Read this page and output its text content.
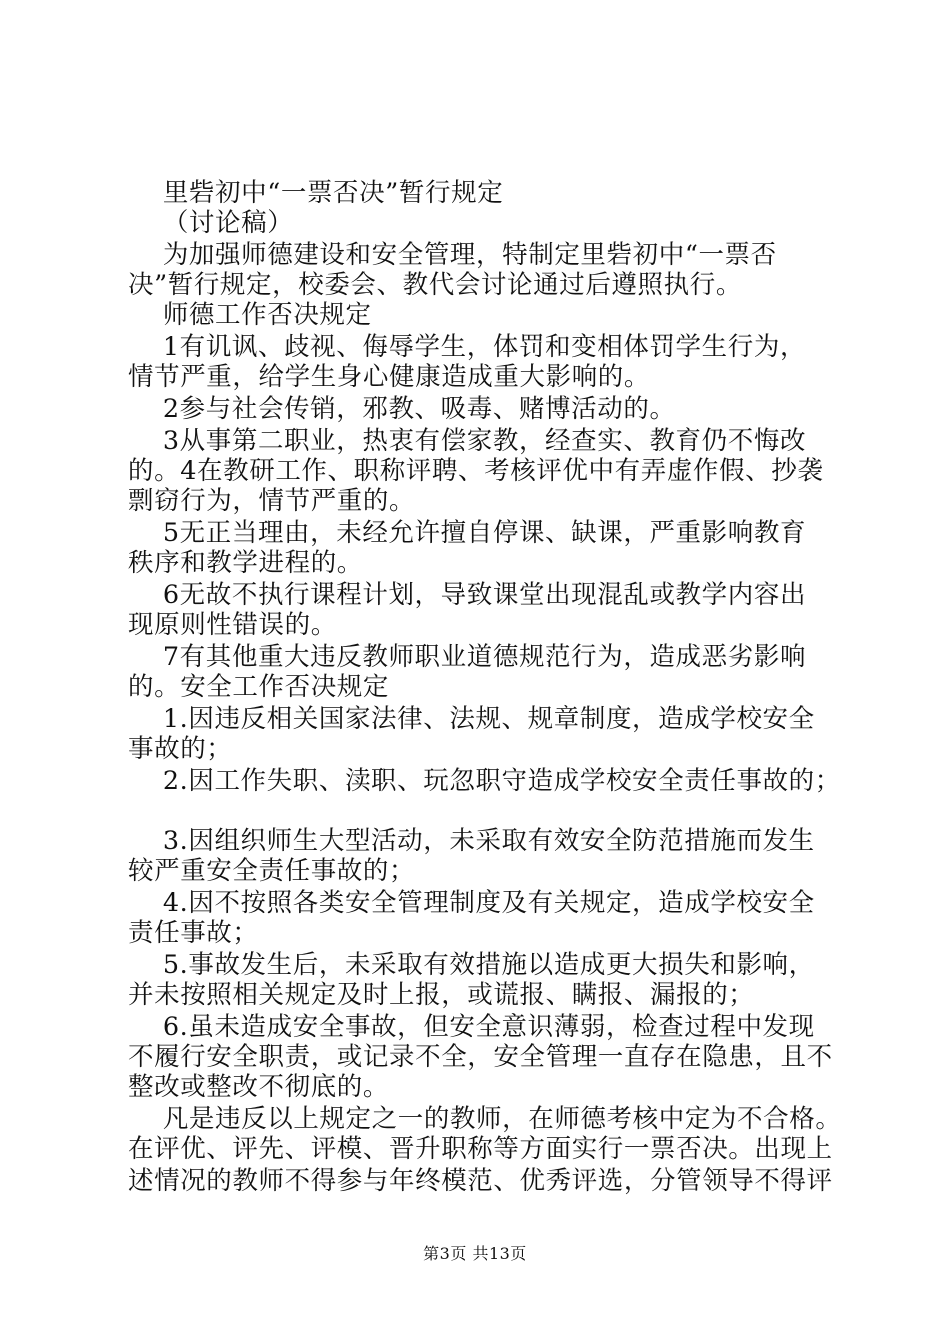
里砦初中“一票否决”暂行规定
（讨论稿）
为加强师德建设和安全管理，特制定里砦初中“一票否
决”暂行规定，校委会、教代会讨论通过后遵照执行。
师德工作否决规定
1有讥讽、歧视、侮辱学生，体罚和变相体罚学生行为，
情节严重，给学生身心健康造成重大影响的。
2参与社会传销，邪教、吸毒、赌博活动的。
3从事第二职业，热衷有偿家教，经查实、教育仍不悔改
的。4在教研工作、职称评聘、考核评优中有弄虚作假、抄袭
剽窃行为，情节严重的。
5无正当理由，未经允许擅自停课、缺课，严重影响教育
秩序和教学进程的。
6无故不执行课程计划，导致课堂出现混乱或教学内容出
现原则性错误的。
7有其他重大违反教师职业道德规范行为，造成恶劣影响
的。安全工作否决规定
1.因违反相关国家法律、法规、规章制度，造成学校安全
事故的；
2.因工作失职、渎职、玩忽职守造成学校安全责任事故的；
3.因组织师生大型活动，未采取有效安全防范措施而发生
较严重安全责任事故的；
4.因不按照各类安全管理制度及有关规定，造成学校安全
责任事故；
5.事故发生后，未采取有效措施以造成更大损失和影响，
并未按照相关规定及时上报，或谎报、瞒报、漏报的；
6.虽未造成安全事故，但安全意识薄弱，检查过程中发现
不履行安全职责，或记录不全，安全管理一直存在隐患，且不
整改或整改不彻底的。
凡是违反以上规定之一的教师，在师德考核中定为不合格。
在评优、评先、评模、晋升职称等方面实行一票否决。出现上
述情况的教师不得参与年终模范、优秀评选，分管领导不得评
第3页 共13页
